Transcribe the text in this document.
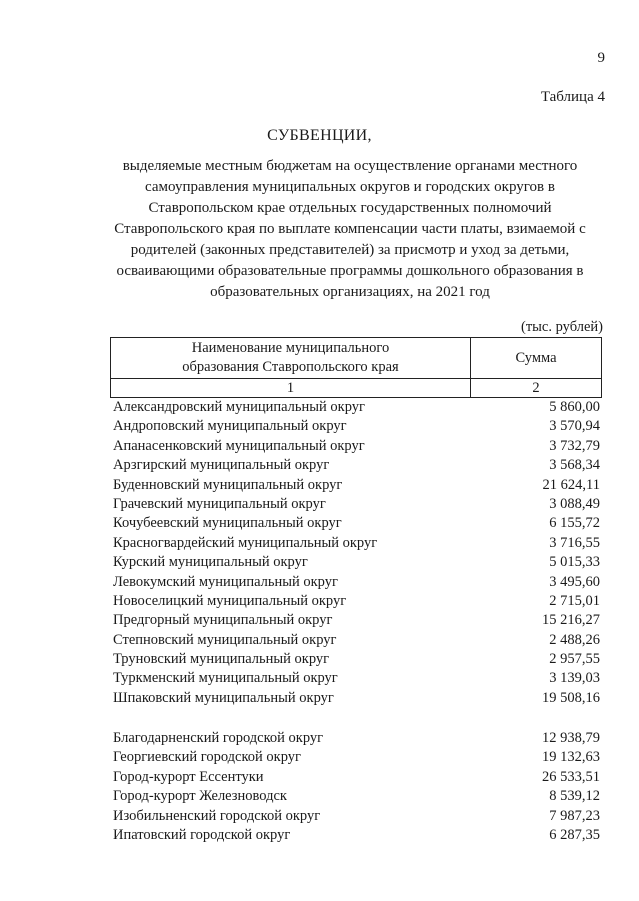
9
Таблица 4
СУБВЕНЦИИ,
выделяемые местным бюджетам на осуществление органами местного
самоуправления муниципальных округов и городских округов в
Ставропольском крае отдельных государственных полномочий
Ставропольского края по выплате компенсации части платы, взимаемой с
родителей (законных представителей) за присмотр и уход за детьми,
осваивающими образовательные программы дошкольного образования в
образовательных организациях, на 2021 год
(тыс. рублей)
Наименование муниципального
образования Ставропольского края	Сумма
1	2
Александровский муниципальный округ	5 860,00
Андроповский муниципальный округ	3 570,94
Апанасенковский муниципальный округ	3 732,79
Арзгирский муниципальный округ	3 568,34
Буденновский муниципальный округ	21 624,11
Грачевский муниципальный округ	3 088,49
Кочубеевский муниципальный округ	6 155,72
Красногвардейский муниципальный округ	3 716,55
Курский муниципальный округ	5 015,33
Левокумский муниципальный округ	3 495,60
Новоселицкий муниципальный округ	2 715,01
Предгорный муниципальный округ	15 216,27
Степновский муниципальный округ	2 488,26
Труновский муниципальный округ	2 957,55
Туркменский муниципальный округ	3 139,03
Шпаковский муниципальный округ	19 508,16
Благодарненский городской округ	12 938,79
Георгиевский городской округ	19 132,63
Город-курорт Ессентуки	26 533,51
Город-курорт Железноводск	8 539,12
Изобильненский городской округ	7 987,23
Ипатовский городской округ	6 287,35
